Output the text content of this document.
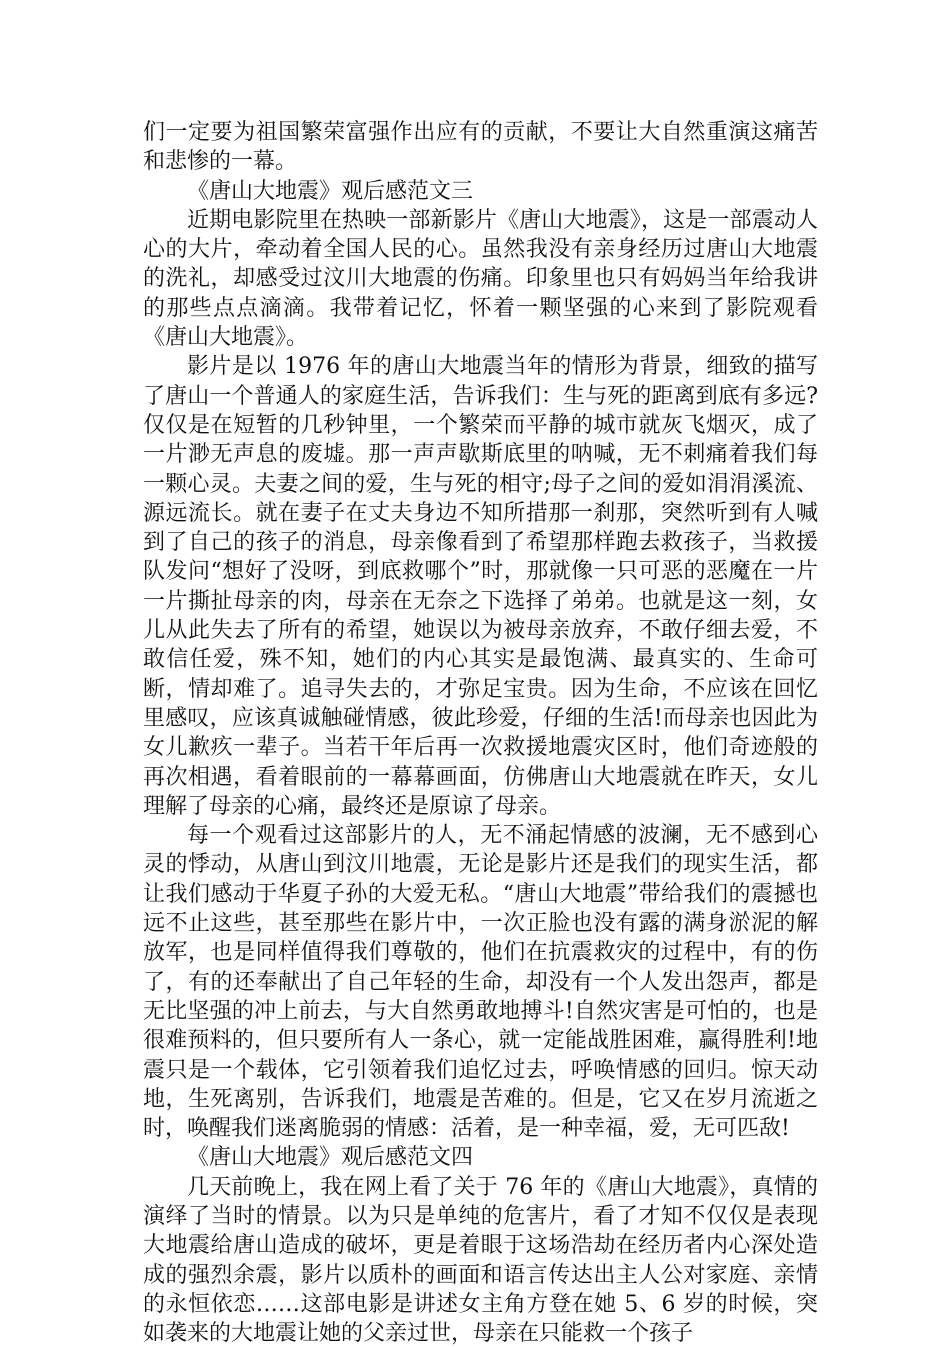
们一定要为祖国繁荣富强作出应有的贡献，不要让大自然重演这痛苦和悲惨的一幕。

《唐山大地震》观后感范文三

近期电影院里在热映一部新影片《唐山大地震》，这是一部震动人心的大片，牵动着全国人民的心。虽然我没有亲身经历过唐山大地震的洗礼，却感受过汶川大地震的伤痛。印象里也只有妈妈当年给我讲的那些点点滴滴。我带着记忆，怀着一颗坚强的心来到了影院观看《唐山大地震》。

影片是以 1976 年的唐山大地震当年的情形为背景，细致的描写了唐山一个普通人的家庭生活，告诉我们：生与死的距离到底有多远?仅仅是在短暂的几秒钟里，一个繁荣而平静的城市就灰飞烟灭，成了一片渺无声息的废墟。那一声声歇斯底里的呐喊，无不刺痛着我们每一颗心灵。夫妻之间的爱，生与死的相守;母子之间的爱如涓涓溪流、源远流长。就在妻子在丈夫身边不知所措那一刹那，突然听到有人喊到了自己的孩子的消息，母亲像看到了希望那样跑去救孩子，当救援队发问“想好了没呀，到底救哪个”时，那就像一只可恶的恶魔在一片一片撕扯母亲的肉，母亲在无奈之下选择了弟弟。也就是这一刻，女儿从此失去了所有的希望，她误以为被母亲放弃，不敢仔细去爱，不敢信任爱，殊不知，她们的内心其实是最饱满、最真实的、生命可断，情却难了。追寻失去的，才弥足宝贵。因为生命，不应该在回忆里感叹，应该真诚触碰情感，彼此珍爱，仔细的生活!而母亲也因此为女儿歉疚一辈子。当若干年后再一次救援地震灾区时，他们奇迹般的再次相遇，看着眼前的一幕幕画面，仿佛唐山大地震就在昨天，女儿理解了母亲的心痛，最终还是原谅了母亲。

每一个观看过这部影片的人，无不涌起情感的波澜，无不感到心灵的悸动，从唐山到汶川地震，无论是影片还是我们的现实生活，都让我们感动于华夏子孙的大爱无私。“唐山大地震”带给我们的震撼也远不止这些，甚至那些在影片中，一次正脸也没有露的满身淤泥的解放军，也是同样值得我们尊敬的，他们在抗震救灾的过程中，有的伤了，有的还奉献出了自己年轻的生命，却没有一个人发出怨声，都是无比坚强的冲上前去，与大自然勇敢地搏斗!自然灾害是可怕的，也是很难预料的，但只要所有人一条心，就一定能战胜困难，赢得胜利!地震只是一个载体，它引领着我们追忆过去，呼唤情感的回归。惊天动地，生死离别，告诉我们，地震是苦难的。但是，它又在岁月流逝之时，唤醒我们迷离脆弱的情感：活着，是一种幸福，爱，无可匹敌!

《唐山大地震》观后感范文四

几天前晚上，我在网上看了关于 76 年的《唐山大地震》，真情的演绎了当时的情景。以为只是单纯的危害片，看了才知不仅仅是表现大地震给唐山造成的破坏，更是着眼于这场浩劫在经历者内心深处造成的强烈余震，影片以质朴的画面和语言传达出主人公对家庭、亲情的永恒依恋……这部电影是讲述女主角方登在她 5、6 岁的时候，突如袭来的大地震让她的父亲过世，母亲在只能救一个孩子
